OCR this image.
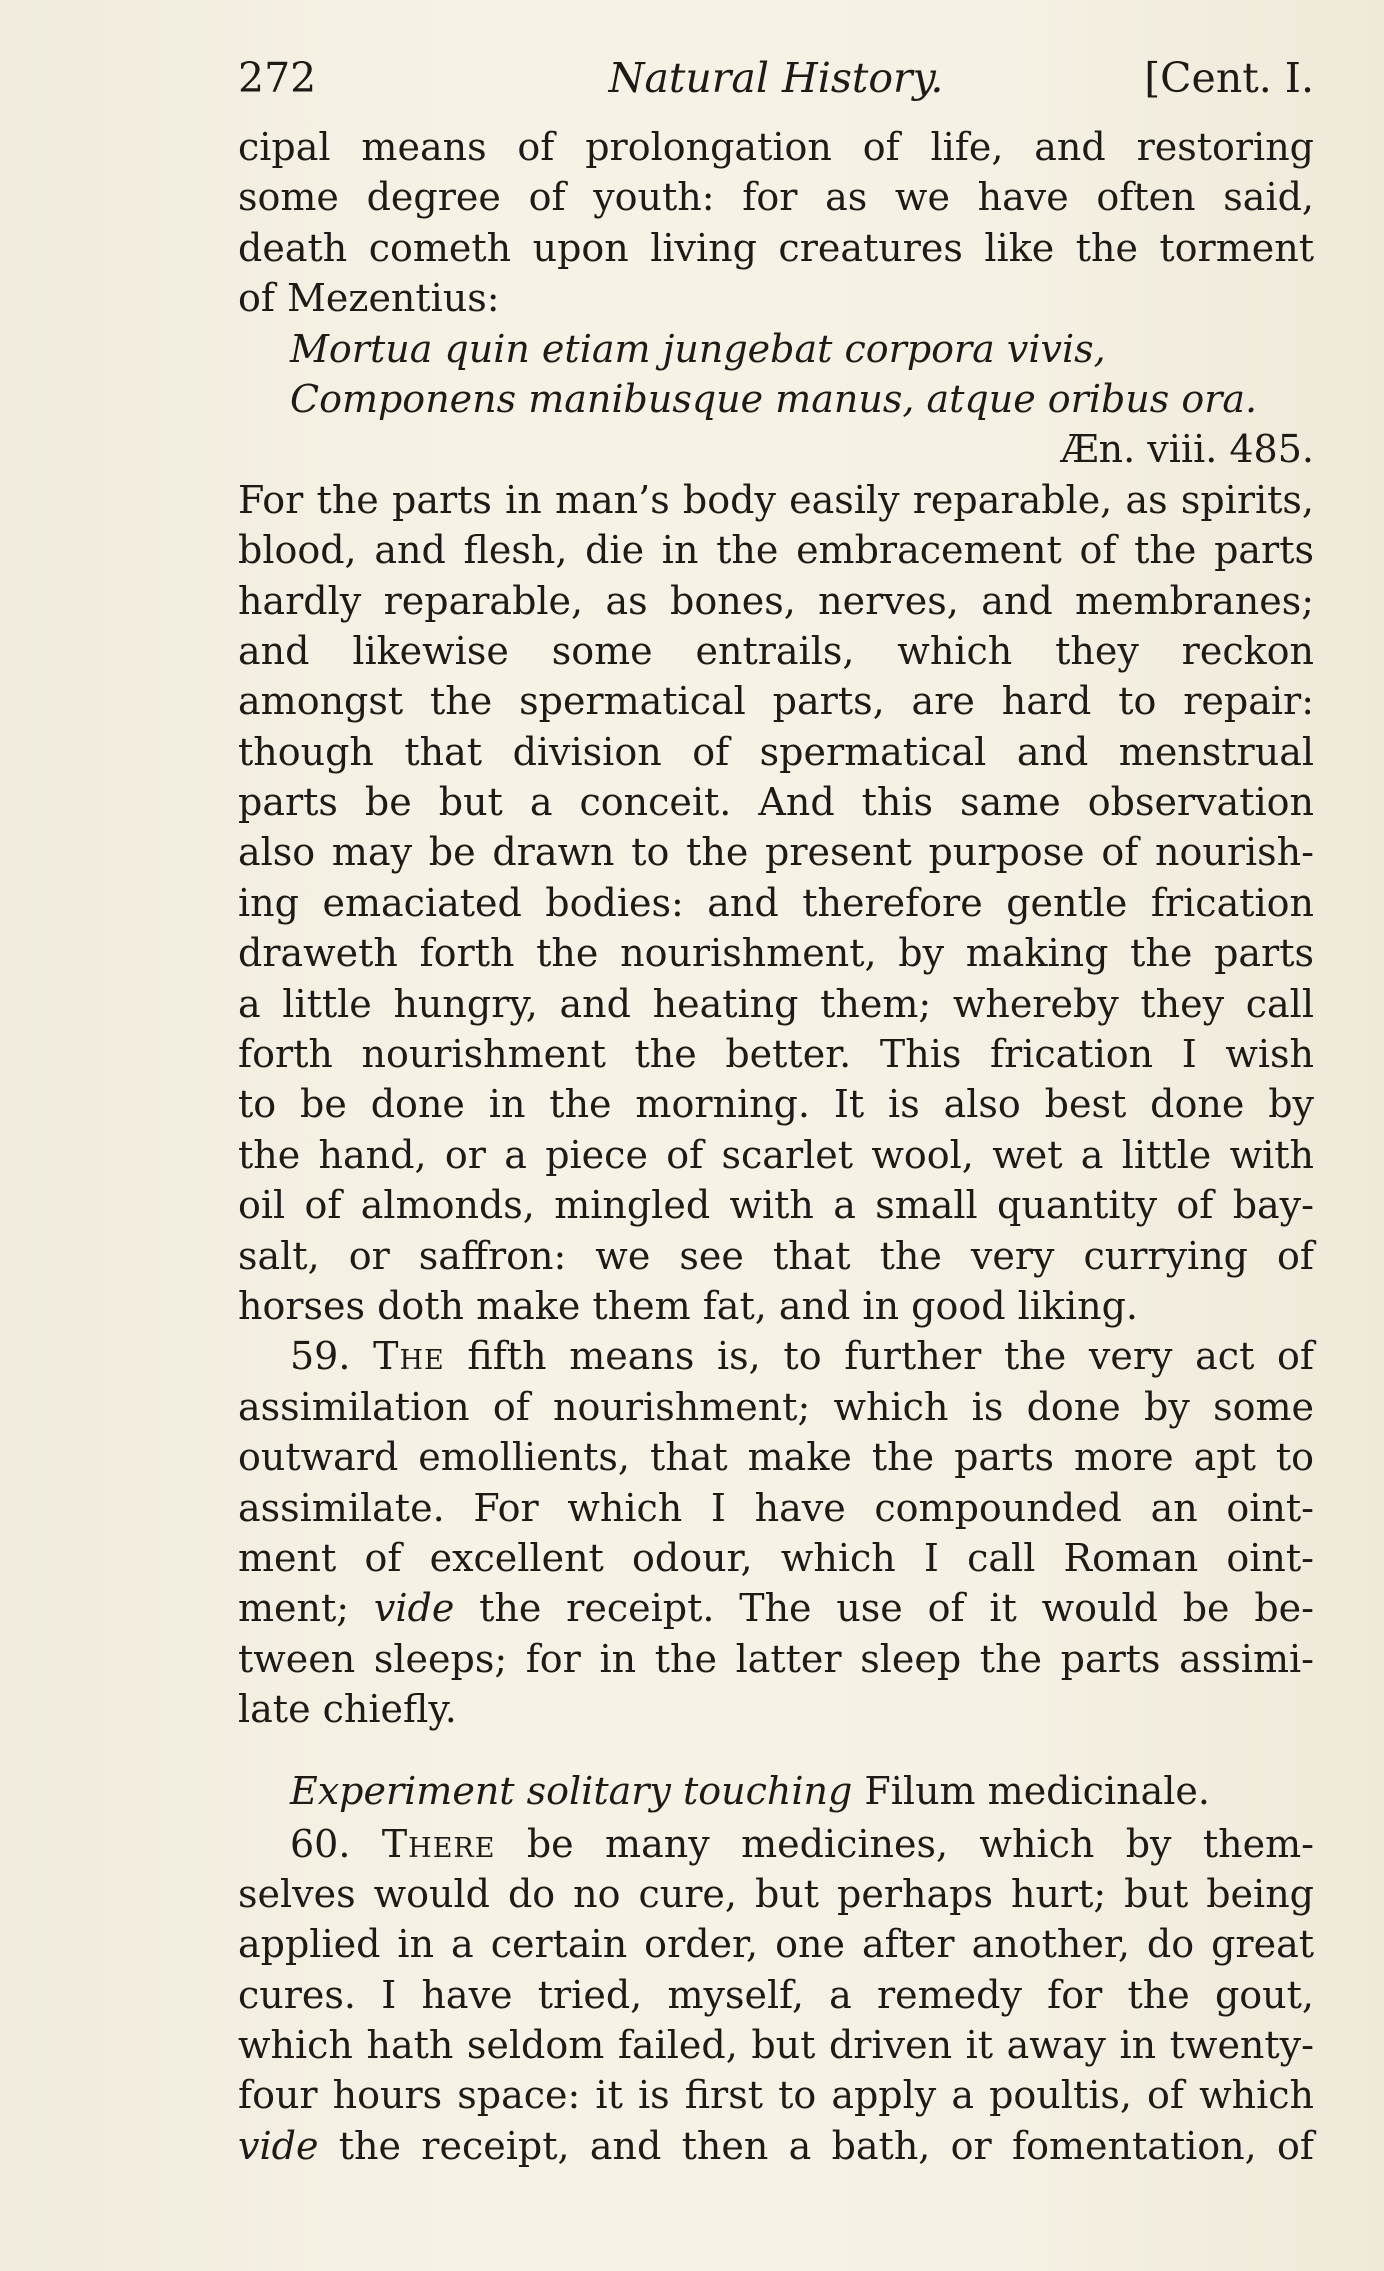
272	Natural History.	[Cent. I.
cipal means of prolongation of life, and restoring
some degree of youth: for as we have often said,
death cometh upon living creatures like the torment
of Mezentius:
Mortua quin etiam jungebat corpora vivis,
Componens manibusque manus, atque oribus ora.
Æn. viii. 485.
For the parts in man’s body easily reparable, as spirits,
blood, and flesh, die in the embracement of the parts
hardly reparable, as bones, nerves, and membranes;
and likewise some entrails, which they reckon
amongst the spermatical parts, are hard to repair:
though that division of spermatical and menstrual
parts be but a conceit. And this same observation
also may be drawn to the present purpose of nourish-
ing emaciated bodies: and therefore gentle frication
draweth forth the nourishment, by making the parts
a little hungry, and heating them; whereby they call
forth nourishment the better. This frication I wish
to be done in the morning. It is also best done by
the hand, or a piece of scarlet wool, wet a little with
oil of almonds, mingled with a small quantity of bay-
salt, or saffron: we see that the very currying of
horses doth make them fat, and in good liking.
59. The fifth means is, to further the very act of
assimilation of nourishment; which is done by some
outward emollients, that make the parts more apt to
assimilate. For which I have compounded an oint-
ment of excellent odour, which I call Roman oint-
ment; vide the receipt. The use of it would be be-
tween sleeps; for in the latter sleep the parts assimi-
late chiefly.
Experiment solitary touching Filum medicinale.
60. There be many medicines, which by them-
selves would do no cure, but perhaps hurt; but being
applied in a certain order, one after another, do great
cures. I have tried, myself, a remedy for the gout,
which hath seldom failed, but driven it away in twenty-
four hours space: it is first to apply a poultis, of which
vide the receipt, and then a bath, or fomentation, of
